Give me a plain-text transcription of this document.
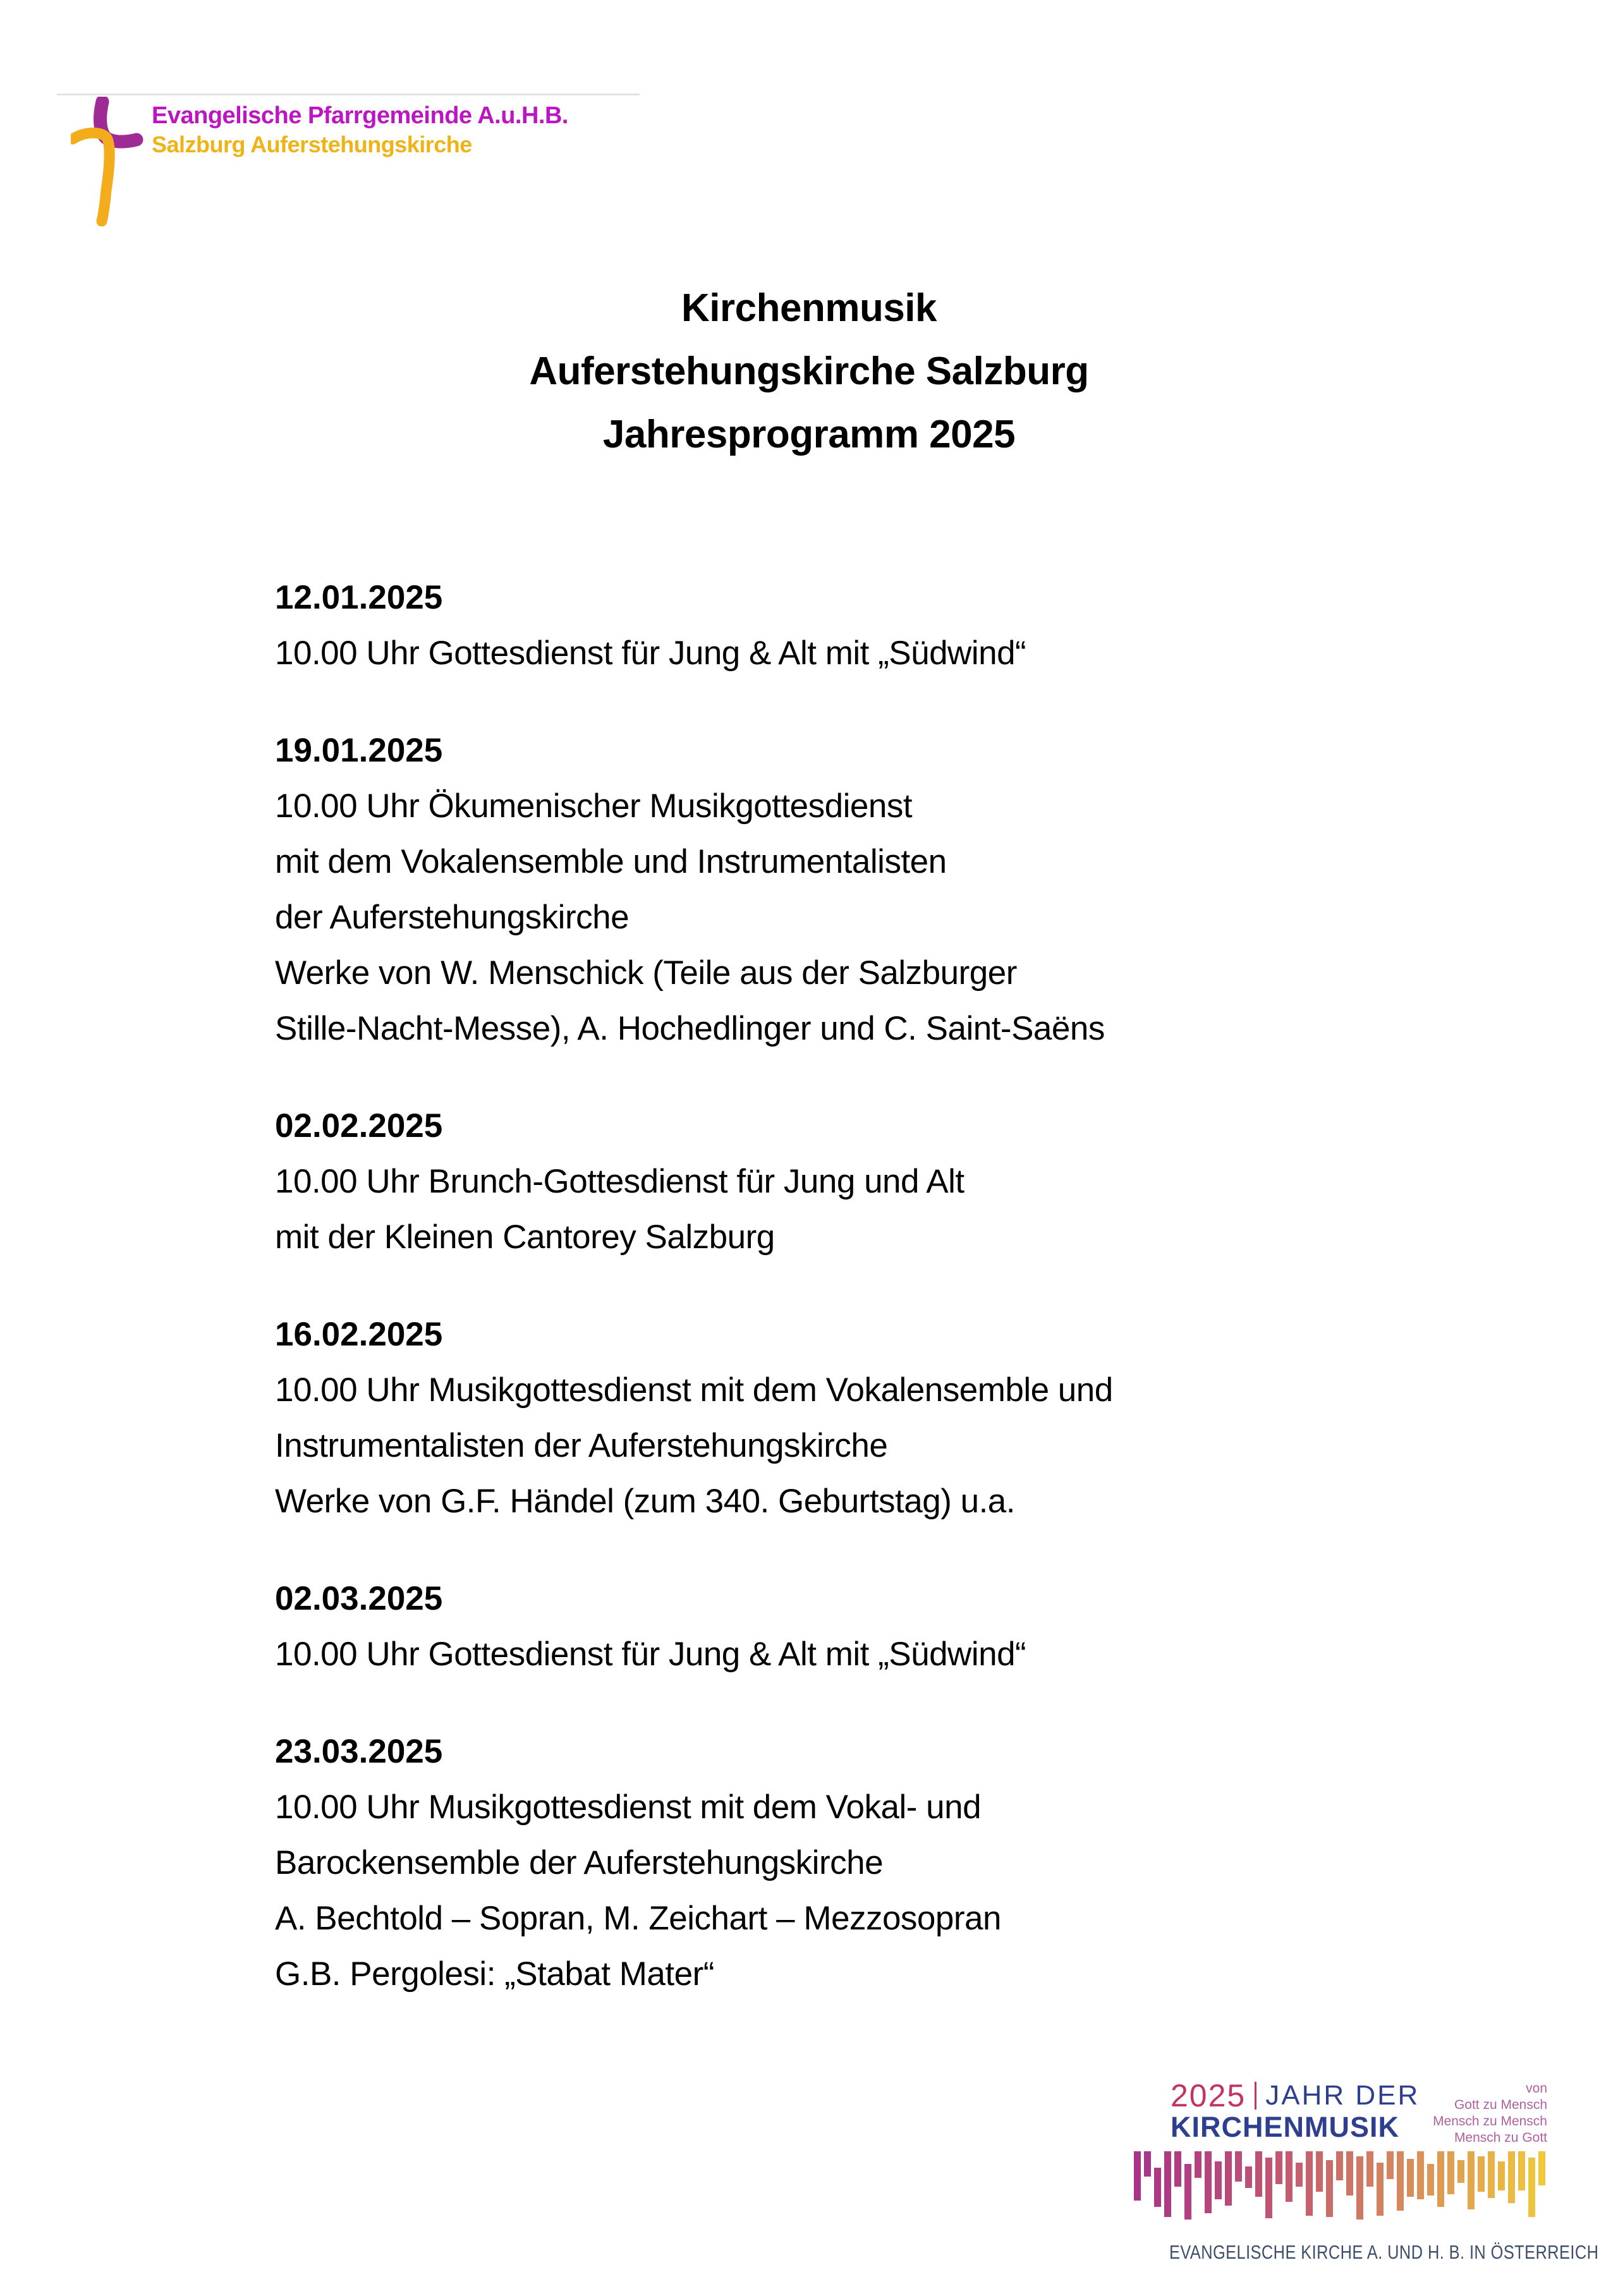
Evangelische Pfarrgemeinde A.u.H.B.
Salzburg Auferstehungskirche
Kirchenmusik
Auferstehungskirche Salzburg
Jahresprogramm 2025
12.01.2025
10.00 Uhr Gottesdienst für Jung & Alt mit „Südwind“
19.01.2025
10.00 Uhr Ökumenischer Musikgottesdienst
mit dem Vokalensemble und Instrumentalisten
der Auferstehungskirche
Werke von W. Menschick (Teile aus der Salzburger
Stille-Nacht-Messe), A. Hochedlinger und C. Saint-Saëns
02.02.2025
10.00 Uhr Brunch-Gottesdienst für Jung und Alt
mit der Kleinen Cantorey Salzburg
16.02.2025
10.00 Uhr Musikgottesdienst mit dem Vokalensemble und
Instrumentalisten der Auferstehungskirche
Werke von G.F. Händel (zum 340. Geburtstag) u.a.
02.03.2025
10.00 Uhr Gottesdienst für Jung & Alt mit „Südwind“
23.03.2025
10.00 Uhr Musikgottesdienst mit dem Vokal- und
Barockensemble der Auferstehungskirche
A. Bechtold – Sopran, M. Zeichart – Mezzosopran
G.B. Pergolesi: „Stabat Mater“
2025 JAHR DER
KIRCHENMUSIK
von
Gott zu Mensch
Mensch zu Mensch
Mensch zu Gott
EVANGELISCHE KIRCHE A. UND H. B. IN ÖSTERREICH
